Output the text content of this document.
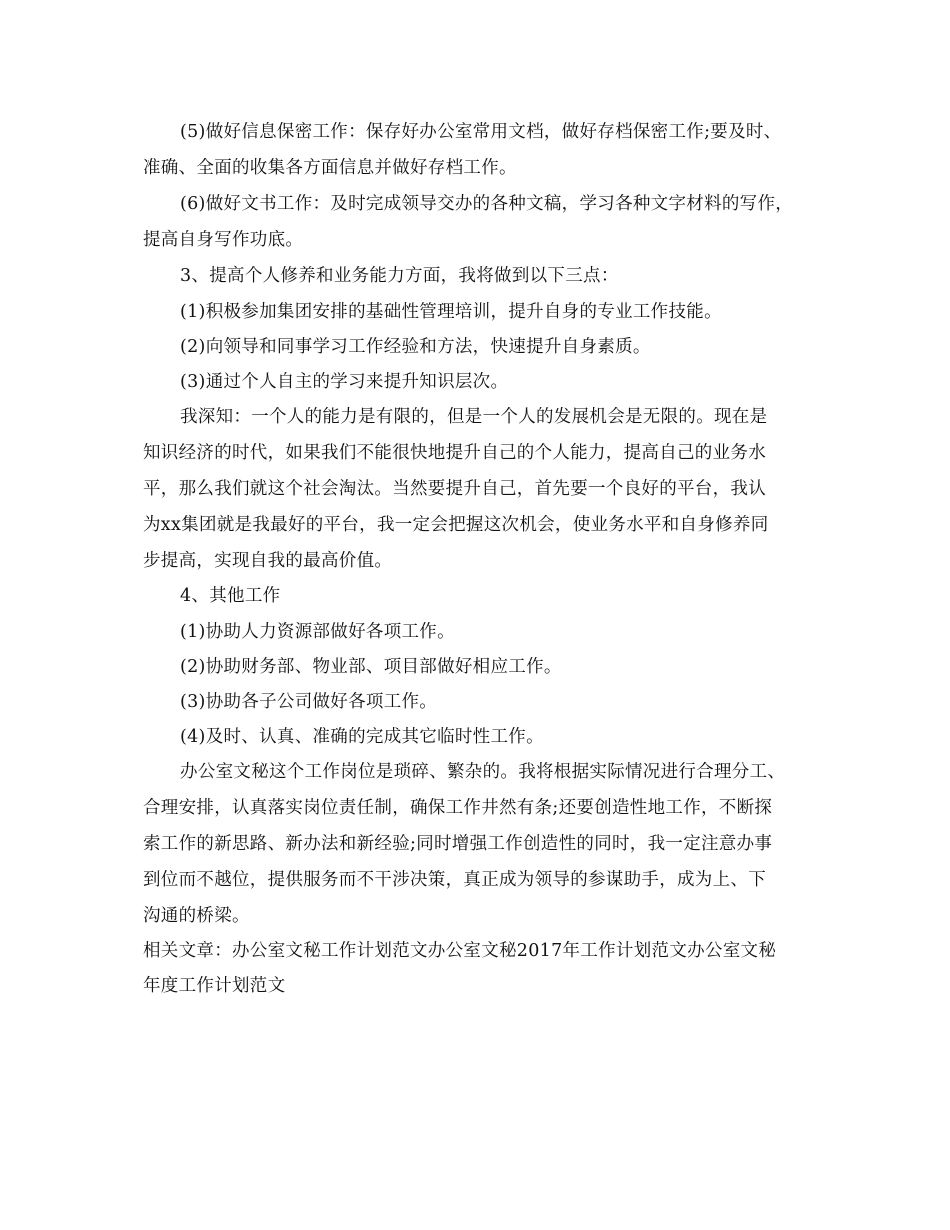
(5)做好信息保密工作：保存好办公室常用文档，做好存档保密工作;要及时、
准确、全面的收集各方面信息并做好存档工作。
(6)做好文书工作：及时完成领导交办的各种文稿，学习各种文字材料的写作，
提高自身写作功底。
3、提高个人修养和业务能力方面，我将做到以下三点：
(1)积极参加集团安排的基础性管理培训，提升自身的专业工作技能。
(2)向领导和同事学习工作经验和方法，快速提升自身素质。
(3)通过个人自主的学习来提升知识层次。
我深知：一个人的能力是有限的，但是一个人的发展机会是无限的。现在是
知识经济的时代，如果我们不能很快地提升自己的个人能力，提高自己的业务水
平，那么我们就这个社会淘汰。当然要提升自己，首先要一个良好的平台，我认
为xx集团就是我最好的平台，我一定会把握这次机会，使业务水平和自身修养同
步提高，实现自我的最高价值。
4、其他工作
(1)协助人力资源部做好各项工作。
(2)协助财务部、物业部、项目部做好相应工作。
(3)协助各子公司做好各项工作。
(4)及时、认真、准确的完成其它临时性工作。
办公室文秘这个工作岗位是琐碎、繁杂的。我将根据实际情况进行合理分工、
合理安排，认真落实岗位责任制，确保工作井然有条;还要创造性地工作，不断探
索工作的新思路、新办法和新经验;同时增强工作创造性的同时，我一定注意办事
到位而不越位，提供服务而不干涉决策，真正成为领导的参谋助手，成为上、下
沟通的桥梁。
相关文章：办公室文秘工作计划范文办公室文秘2017年工作计划范文办公室文秘
年度工作计划范文
